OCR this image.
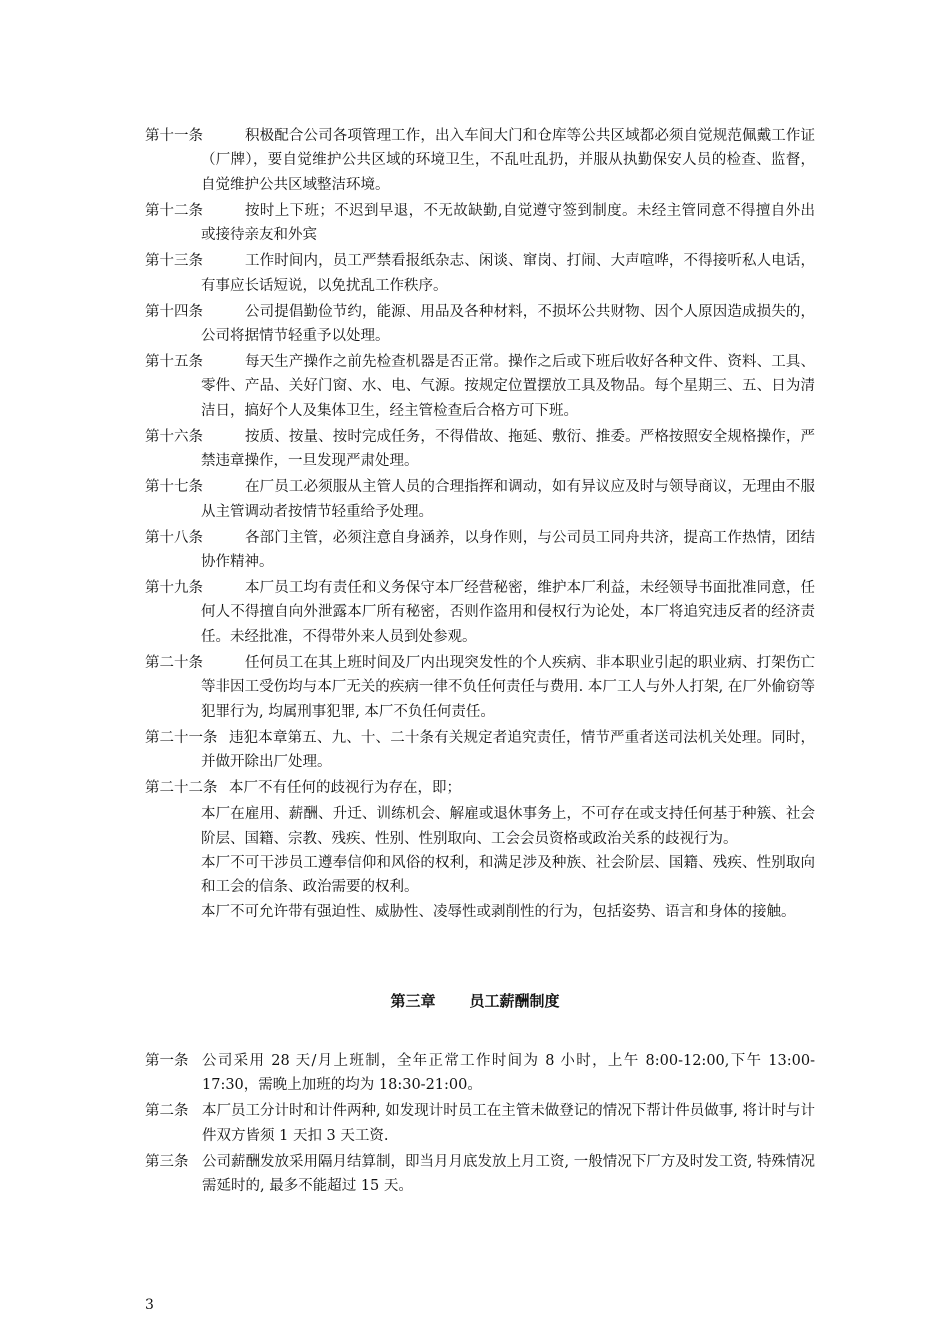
第十一条	积极配合公司各项管理工作，出入车间大门和仓库等公共区域都必须自觉规范佩戴工作证（厂牌），要自觉维护公共区域的环境卫生，不乱吐乱扔，并服从执勤保安人员的检查、监督，自觉维护公共区域整洁环境。
第十二条	按时上下班；不迟到早退，不无故缺勤,自觉遵守签到制度。未经主管同意不得擅自外出或接待亲友和外宾
第十三条	工作时间内，员工严禁看报纸杂志、闲谈、窜岗、打闹、大声喧哗，不得接听私人电话，有事应长话短说，以免扰乱工作秩序。
第十四条	公司提倡勤俭节约，能源、用品及各种材料，不损坏公共财物、因个人原因造成损失的，公司将据情节轻重予以处理。
第十五条	每天生产操作之前先检查机器是否正常。操作之后或下班后收好各种文件、资料、工具、零件、产品、关好门窗、水、电、气源。按规定位置摆放工具及物品。每个星期三、五、日为清洁日，搞好个人及集体卫生，经主管检查后合格方可下班。
第十六条	按质、按量、按时完成任务，不得借故、拖延、敷衍、推委。严格按照安全规格操作，严禁违章操作，一旦发现严肃处理。
第十七条	在厂员工必须服从主管人员的合理指挥和调动，如有异议应及时与领导商议，无理由不服从主管调动者按情节轻重给予处理。
第十八条	各部门主管，必须注意自身涵养，以身作则，与公司员工同舟共济，提高工作热情，团结协作精神。
第十九条	本厂员工均有责任和义务保守本厂经营秘密，维护本厂利益，未经领导书面批准同意，任何人不得擅自向外泄露本厂所有秘密，否则作盗用和侵权行为论处，本厂将追究违反者的经济责任。未经批准，不得带外来人员到处参观。
第二十条	任何员工在其上班时间及厂内出现突发性的个人疾病、非本职业引起的职业病、打架伤亡等非因工受伤均与本厂无关的疾病一律不负任何责任与费用. 本厂工人与外人打架, 在厂外偷窃等犯罪行为, 均属刑事犯罪, 本厂不负任何责任。
第二十一条 违犯本章第五、九、十、二十条有关规定者追究责任，情节严重者送司法机关处理。同时，并做开除出厂处理。
第二十二条 本厂不有任何的歧视行为存在，即；
本厂在雇用、薪酬、升迁、训练机会、解雇或退休事务上，不可存在或支持任何基于种簇、社会阶层、国籍、宗教、残疾、性别、性别取向、工会会员资格或政治关系的歧视行为。
本厂不可干涉员工遵奉信仰和风俗的权利，和满足涉及种族、社会阶层、国籍、残疾、性别取向和工会的信条、政治需要的权利。
本厂不可允许带有强迫性、威胁性、凌辱性或剥削性的行为，包括姿势、语言和身体的接触。
第三章 员工薪酬制度
第一条 公司采用 28 天/月上班制，全年正常工作时间为 8 小时，上午 8:00-12:00,下午 13:00-17:30，需晚上加班的均为 18:30-21:00。
第二条 本厂员工分计时和计件两种, 如发现计时员工在主管未做登记的情况下帮计件员做事, 将计时与计件双方皆须 1 天扣 3 天工资.
第三条 公司薪酬发放采用隔月结算制，即当月月底发放上月工资, 一般情况下厂方及时发工资, 特殊情况需延时的, 最多不能超过 15 天。
3
